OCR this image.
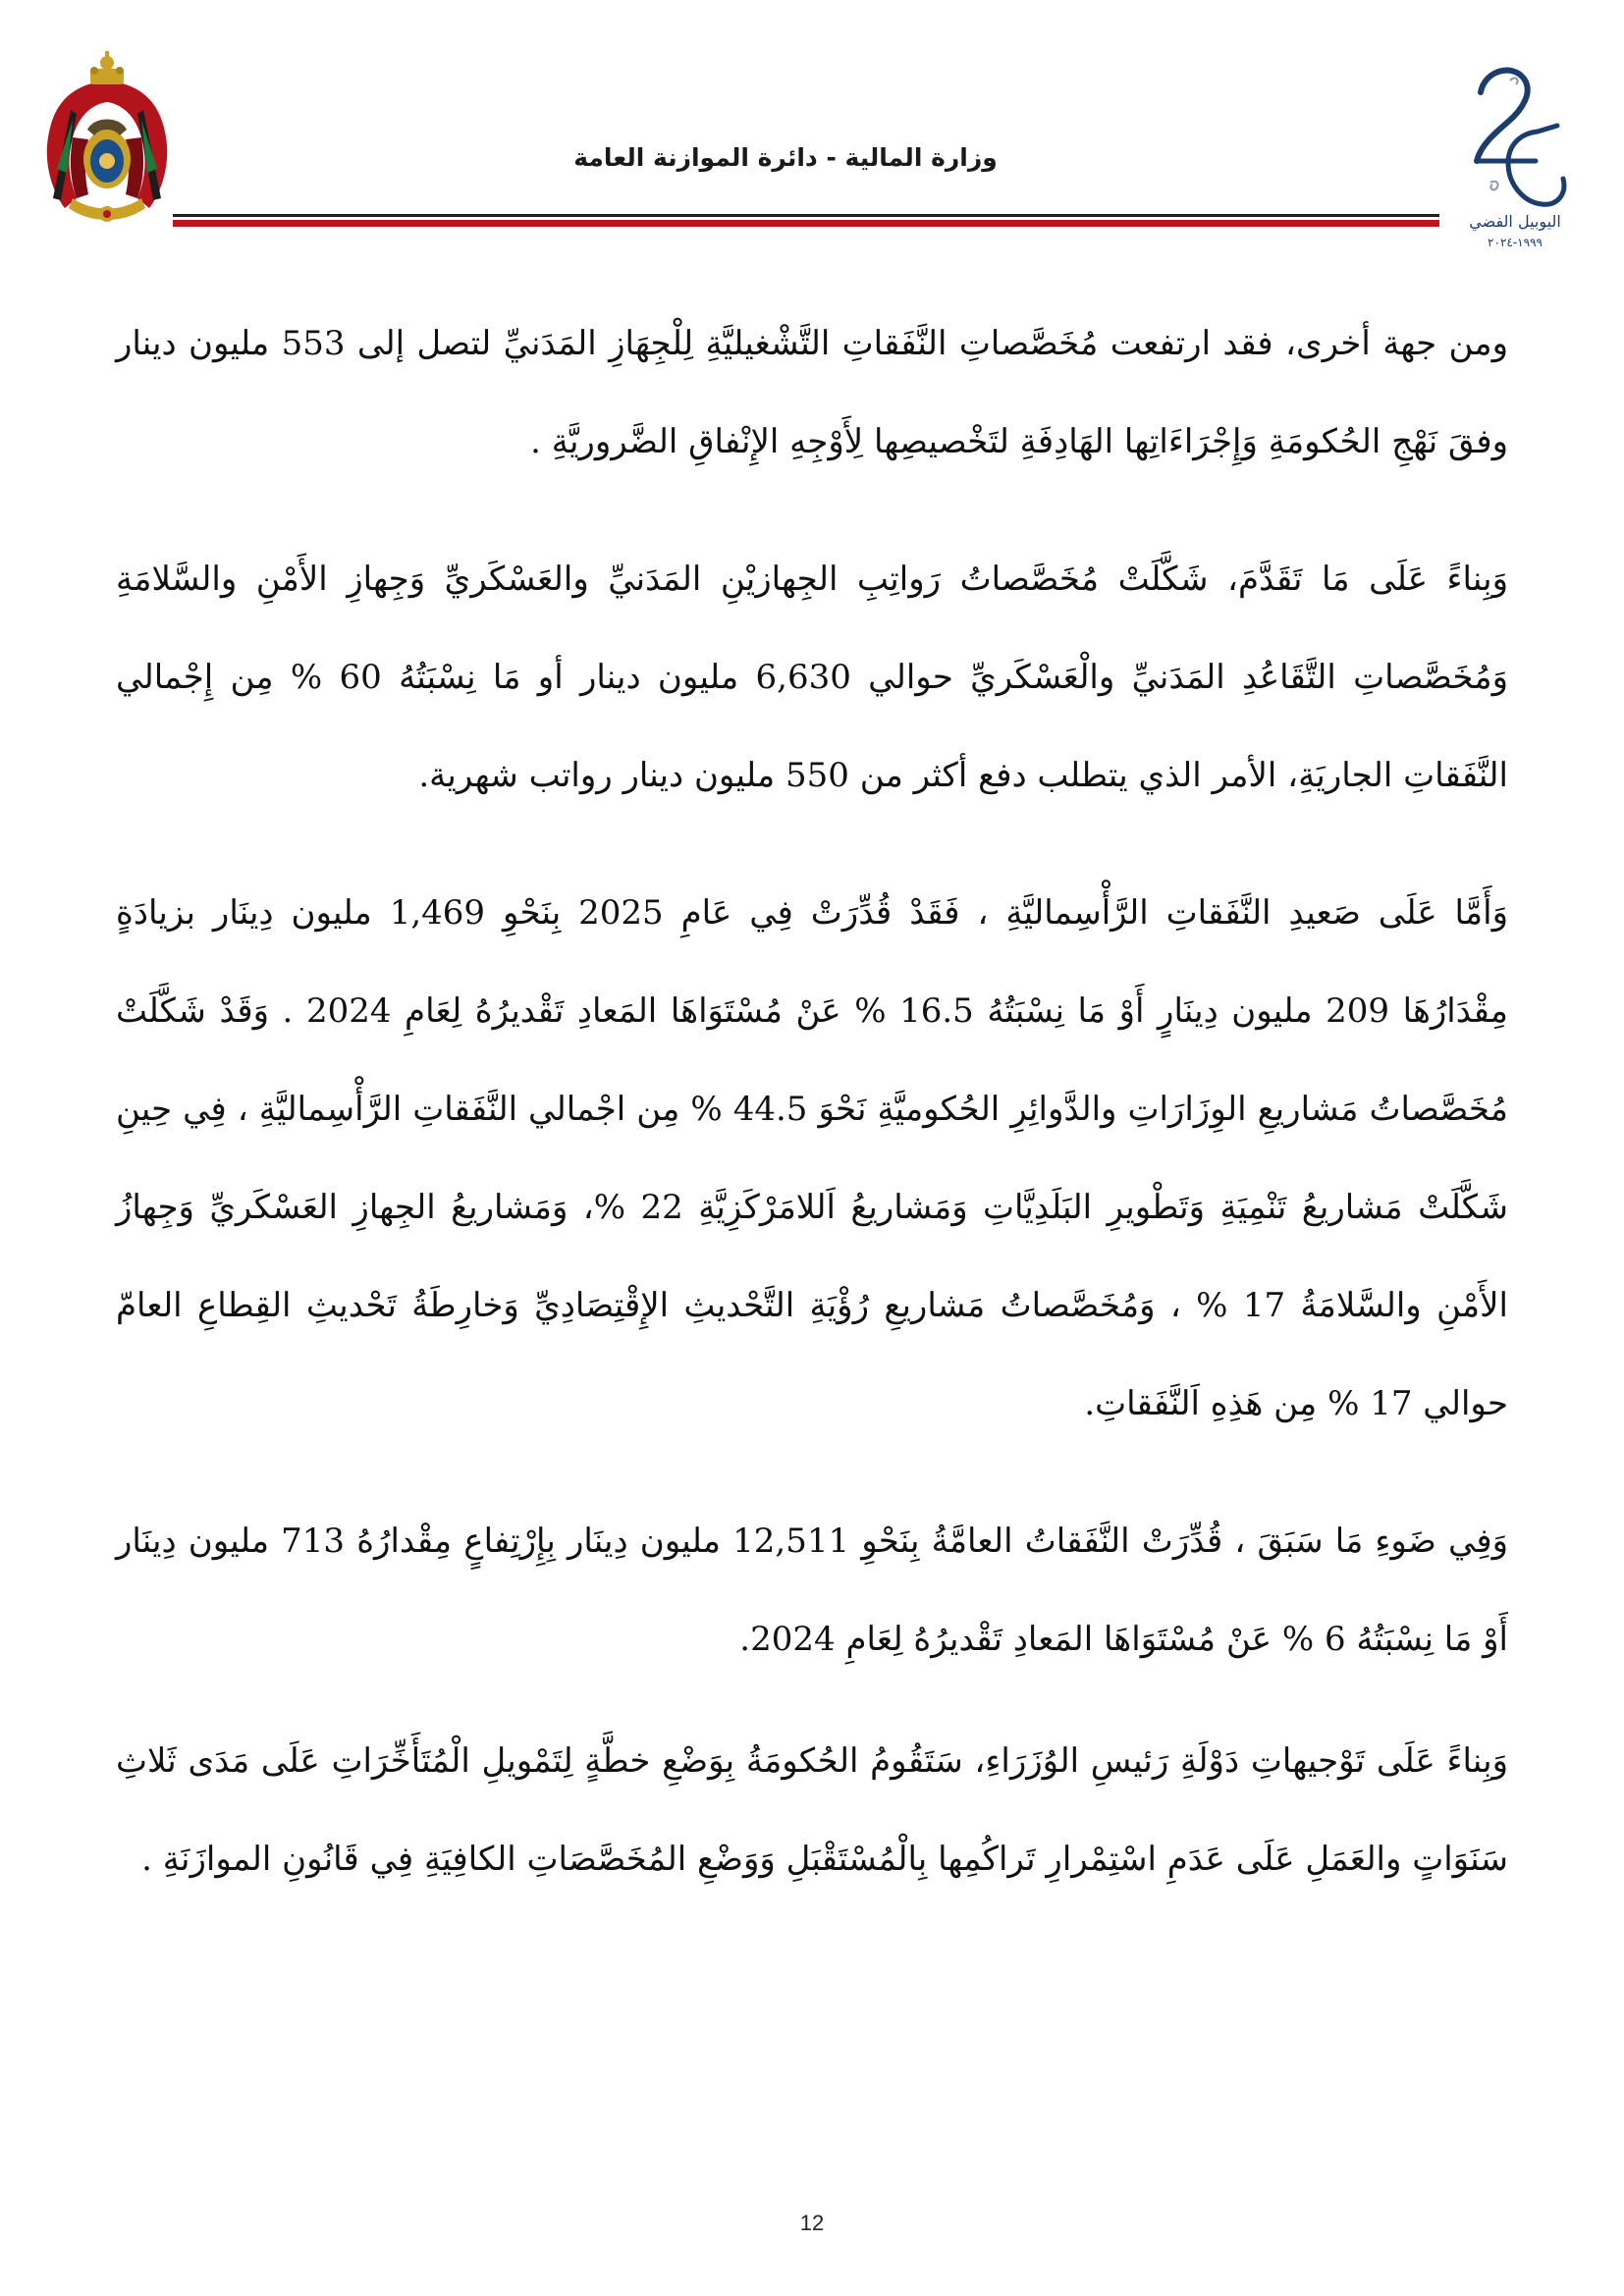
اليوبيل الفضي
١٩٩٩-٢٠٢٤
وزارة المالية - دائرة الموازنة العامة

ومن جهة أخرى، فقد ارتفعت مُخَصَّصاتِ النَّفَقاتِ التَّشْغيليَّةِ لِلْجِهَازِ المَدَنيِّ لتصل إلى 553 مليون دينار وفقَ نَهْجِ الحُكومَةِ وَإِجْرَاءَاتِها الهَادِفَةِ لتَخْصيصِها لِأَوْجِهِ الإِنْفاقِ الضَّروريَّةِ .

وَبِناءً عَلَى مَا تَقَدَّمَ، شَكَّلَتْ مُخَصَّصاتُ رَواتِبِ الجِهازيْنِ المَدَنيِّ والعَسْكَريِّ وَجِهازِ الأَمْنِ والسَّلامَةِ وَمُخَصَّصاتِ التَّقَاعُدِ المَدَنيِّ والْعَسْكَريِّ حوالي 6,630 مليون دينار أو مَا نِسْبَتُهُ 60 % مِن إِجْمالي النَّفَقاتِ الجاريَةِ، الأمر الذي يتطلب دفع أكثر من 550 مليون دينار رواتب شهرية.

وَأَمَّا عَلَى صَعيدِ النَّفَقاتِ الرَّأْسِماليَّةِ ، فَقَدْ قُدِّرَتْ فِي عَامِ 2025 بِنَحْوِ 1,469 مليون دِينَار بزيادَةٍ مِقْدَارُهَا 209 مليون دِينَارٍ أَوْ مَا نِسْبَتُهُ 16.5 % عَنْ مُسْتَوَاهَا المَعادِ تَقْديرُهُ لِعَامِ 2024 . وَقَدْ شَكَّلَتْ مُخَصَّصاتُ مَشاريعِ الوِزَارَاتِ والدَّوائِرِ الحُكوميَّةِ نَحْوَ 44.5 % مِن اجْمالي النَّفَقاتِ الرَّأْسِماليَّةِ ، فِي حِينِ شَكَّلَتْ مَشاريعُ تَنْمِيَةِ وَتَطْويرِ البَلَدِيَّاتِ وَمَشاريعُ اَللامَرْكَزِيَّةِ 22 %، وَمَشاريعُ الجِهازِ العَسْكَريِّ وَجِهازُ الأَمْنِ والسَّلامَةُ 17 % ، وَمُخَصَّصاتُ مَشاريعِ رُؤْيَةِ التَّحْديثِ الإِقْتِصَادِيِّ وَخارِطَةُ تَحْديثِ القِطاعِ العامّ حوالي 17 % مِن هَذِهِ اَلنَّفَقاتِ.

وَفِي ضَوءِ مَا سَبَقَ ، قُدِّرَتْ النَّفَقاتُ العامَّةُ بِنَحْوِ 12,511 مليون دِينَار بِإِرْتِفاعٍ مِقْدارُهُ 713 مليون دِينَار أَوْ مَا نِسْبَتُهُ 6 % عَنْ مُسْتَوَاهَا المَعادِ تَقْديرُهُ لِعَامِ 2024.

وَبِناءً عَلَى تَوْجيهاتِ دَوْلَةِ رَئيسِ الوُزَرَاءِ، سَتَقُومُ الحُكومَةُ بِوَضْعِ خطَّةٍ لِتَمْويلِ الْمُتَأَخِّرَاتِ عَلَى مَدَى ثَلاثِ سَنَوَاتٍ والعَمَلِ عَلَى عَدَمِ اسْتِمْرارِ تَراكُمِها بِالْمُسْتَقْبَلِ وَوَضْعِ المُخَصَّصَاتِ الكافِيَةِ فِي قَانُونِ الموازَنَةِ .

12
